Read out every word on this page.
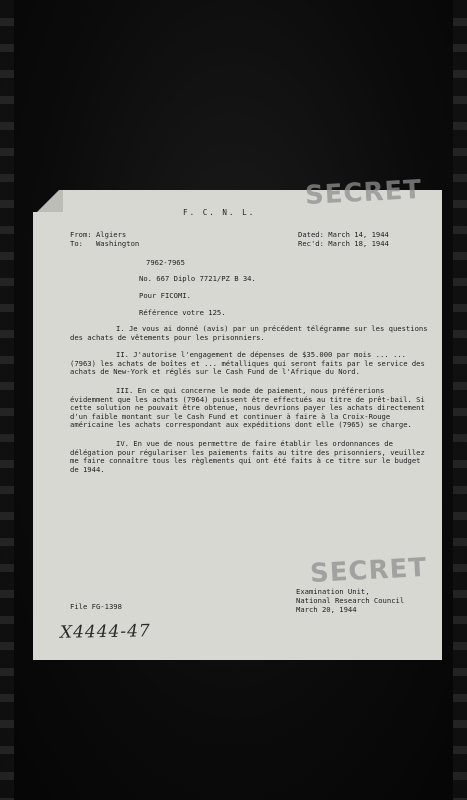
SECRET
SECRET
F. C. N. L.
From: Algiers
To:   Washington
Dated: March 14, 1944
Rec'd: March 18, 1944
7962-7965
No. 667 Diplo 7721/PZ B 34.
Pour FICOMI.
Référence votre 125.
I. Je vous ai donné (avis) par un précédent télégramme sur les questions des achats de vêtements pour les prisonniers.
II. J'autorise l'engagement de dépenses de $35.000 par mois ... ... (7963) les achats de boîtes et ... métalliques qui seront faits par le service des achats de New-York et réglés sur le Cash Fund de l'Afrique du Nord.
III. En ce qui concerne le mode de paiement, nous préférerions évidemment que les achats (7964) puissent être effectués au titre de prêt-bail. Si cette solution ne pouvait être obtenue, nous devrions payer les achats directement d'un faible montant sur le Cash Fund et continuer à faire à la Croix-Rouge américaine les achats correspondant aux expéditions dont elle (7965) se charge.
IV. En vue de nous permettre de faire établir les ordonnances de délégation pour régulariser les paiements faits au titre des prisonniers, veuillez me faire connaître tous les règlements qui ont été faits à ce titre sur le budget de 1944.
Examination Unit,
National Research Council
March 20, 1944
File FG-1398
X4444-47
